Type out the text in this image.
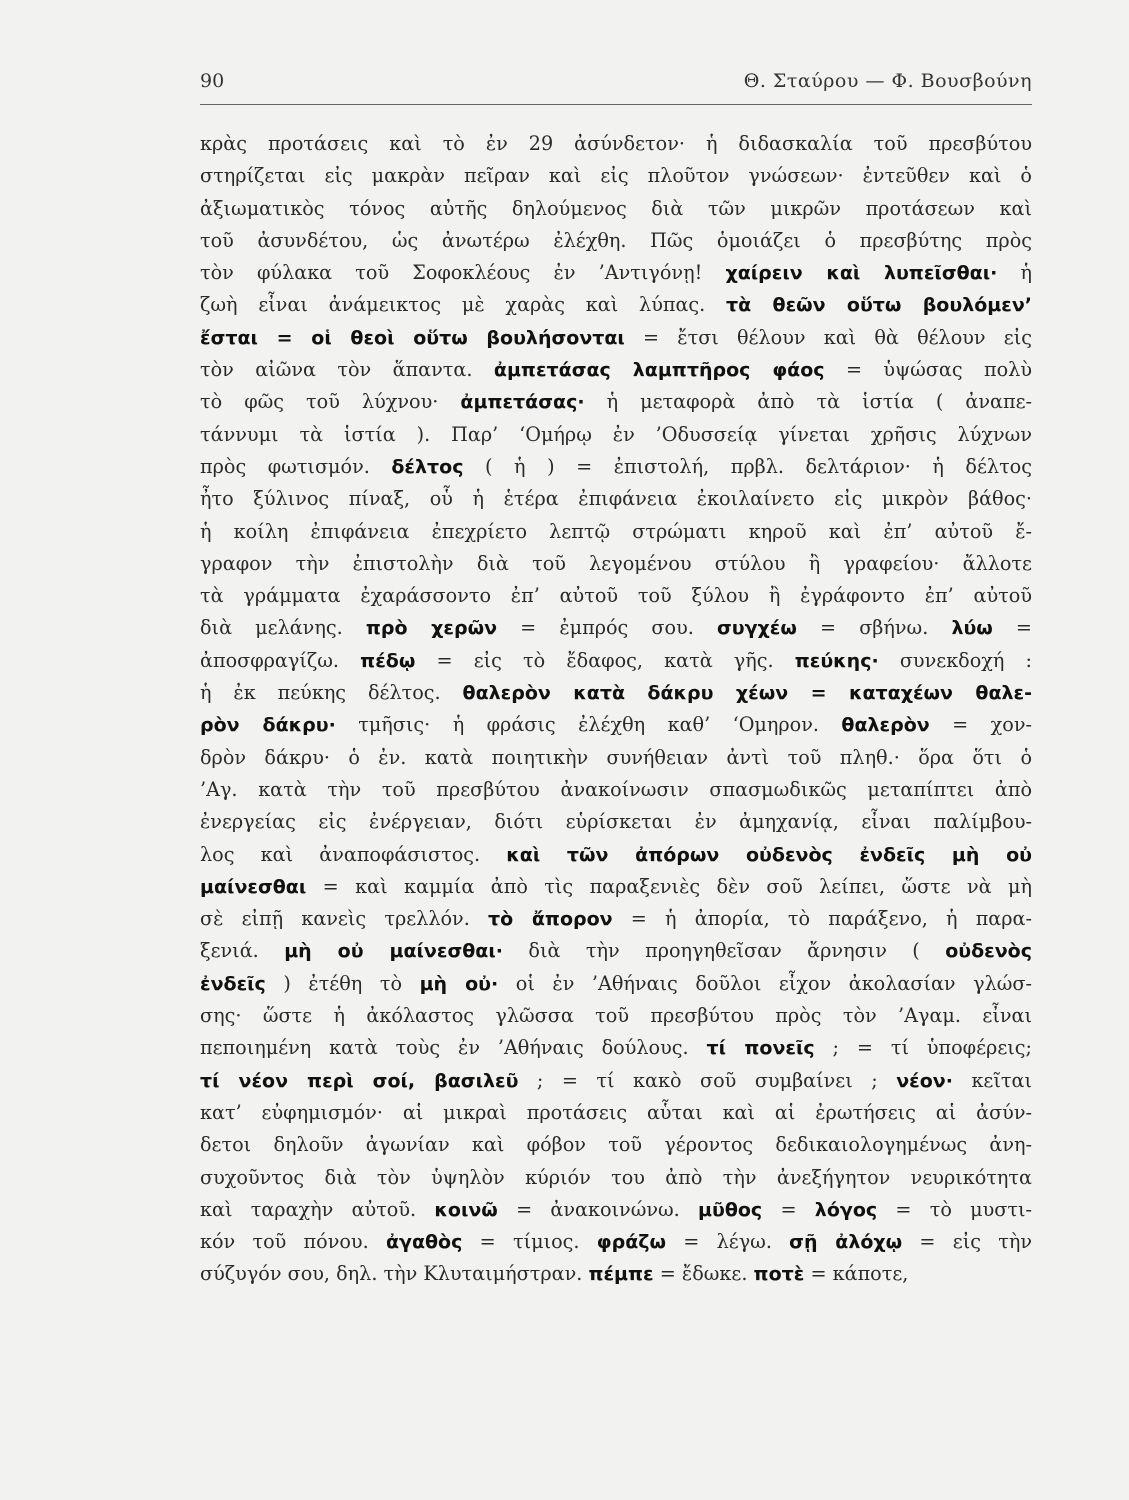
90	Θ. Σταύρου — Φ. Βουσβούνη
κρὰς προτάσεις καὶ τὸ ἐν 29 ἀσύνδετον· ἡ διδασκαλία τοῦ πρεσβύτου
στηρίζεται εἰς μακρὰν πεῖραν καὶ εἰς πλοῦτον γνώσεων· ἐντεῦθεν καὶ ὁ
ἀξιωματικὸς τόνος αὐτῆς δηλούμενος διὰ τῶν μικρῶν προτάσεων καὶ
τοῦ ἀσυνδέτου, ὡς ἀνωτέρω ἐλέχθη. Πῶς ὁμοιάζει ὁ πρεσβύτης πρὸς
τὸν φύλακα τοῦ Σοφοκλέους ἐν ’Αντιγόνῃ! χαίρειν καὶ λυπεῖσθαι· ἡ
ζωὴ εἶναι ἀνάμεικτος μὲ χαρὰς καὶ λύπας. τὰ θεῶν οὕτω βουλόμεν’
ἔσται = οἱ θεοὶ οὕτω βουλήσονται = ἔτσι θέλουν καὶ θὰ θέλουν εἰς
τὸν αἰῶνα τὸν ἅπαντα. ἀμπετάσας λαμπτῆρος φάος = ὑψώσας πολὺ
τὸ φῶς τοῦ λύχνου· ἀμπετάσας· ἡ μεταφορὰ ἀπὸ τὰ ἱστία ( ἀναπε-
τάννυμι τὰ ἱστία ). Παρ’ ‘Ομήρῳ ἐν ’Οδυσσείᾳ γίνεται χρῆσις λύχνων
πρὸς φωτισμόν. δέλτος ( ἡ ) = ἐπιστολή, πρβλ. δελτάριον· ἡ δέλτος
ἦτο ξύλινος πίναξ, οὗ ἡ ἑτέρα ἐπιφάνεια ἐκοιλαίνετο εἰς μικρὸν βάθος·
ἡ κοίλη ἐπιφάνεια ἐπεχρίετο λεπτῷ στρώματι κηροῦ καὶ ἐπ’ αὐτοῦ ἔ-
γραφον τὴν ἐπιστολὴν διὰ τοῦ λεγομένου στύλου ἢ γραφείου· ἄλλοτε
τὰ γράμματα ἐχαράσσοντο ἐπ’ αὐτοῦ τοῦ ξύλου ἢ ἐγράφοντο ἐπ’ αὐτοῦ
διὰ μελάνης. πρὸ χερῶν = ἐμπρός σου. συγχέω = σβήνω. λύω =
ἀποσφραγίζω. πέδῳ = εἰς τὸ ἔδαφος, κατὰ γῆς. πεύκης· συνεκδοχή :
ἡ ἐκ πεύκης δέλτος. θαλερὸν κατὰ δάκρυ χέων = καταχέων θαλε-
ρὸν δάκρυ· τμῆσις· ἡ φράσις ἐλέχθη καθ’ ‘Ομηρον. θαλερὸν = χον-
δρὸν δάκρυ· ὁ ἐν. κατὰ ποιητικὴν συνήθειαν ἀντὶ τοῦ πληθ.· ὅρα ὅτι ὁ
’Αγ. κατὰ τὴν τοῦ πρεσβύτου ἀνακοίνωσιν σπασμωδικῶς μεταπίπτει ἀπὸ
ἐνεργείας εἰς ἐνέργειαν, διότι εὑρίσκεται ἐν ἀμηχανίᾳ, εἶναι παλίμβου-
λος καὶ ἀναποφάσιστος. καὶ τῶν ἀπόρων οὐδενὸς ἐνδεῖς μὴ οὐ
μαίνεσθαι = καὶ καμμία ἀπὸ τὶς παραξενιὲς δὲν σοῦ λείπει, ὥστε νὰ μὴ
σὲ εἰπῇ κανεὶς τρελλόν. τὸ ἄπορον = ἡ ἀπορία, τὸ παράξενο, ἡ παρα-
ξενιά. μὴ οὐ μαίνεσθαι· διὰ τὴν προηγηθεῖσαν ἄρνησιν ( οὐδενὸς
ἐνδεῖς ) ἐτέθη τὸ μὴ οὐ· οἱ ἐν ’Αθήναις δοῦλοι εἶχον ἀκολασίαν γλώσ-
σης· ὥστε ἡ ἀκόλαστος γλῶσσα τοῦ πρεσβύτου πρὸς τὸν ’Αγαμ. εἶναι
πεποιημένη κατὰ τοὺς ἐν ’Αθήναις δούλους. τί πονεῖς ; = τί ὑποφέρεις;
τί νέον περὶ σοί, βασιλεῦ ; = τί κακὸ σοῦ συμβαίνει ; νέον· κεῖται
κατ’ εὐφημισμόν· αἱ μικραὶ προτάσεις αὗται καὶ αἱ ἐρωτήσεις αἱ ἀσύν-
δετοι δηλοῦν ἀγωνίαν καὶ φόβον τοῦ γέροντος δεδικαιολογημένως ἀνη-
συχοῦντος διὰ τὸν ὑψηλὸν κύριόν του ἀπὸ τὴν ἀνεξήγητον νευρικότητα
καὶ ταραχὴν αὐτοῦ. κοινῶ = ἀνακοινώνω. μῦθος = λόγος = τὸ μυστι-
κόν τοῦ πόνου. ἀγαθὸς = τίμιος. φράζω = λέγω. σῇ ἀλόχῳ = εἰς τὴν
σύζυγόν σου, δηλ. τὴν Κλυταιμήστραν. πέμπε = ἔδωκε. ποτὲ = κάποτε,
